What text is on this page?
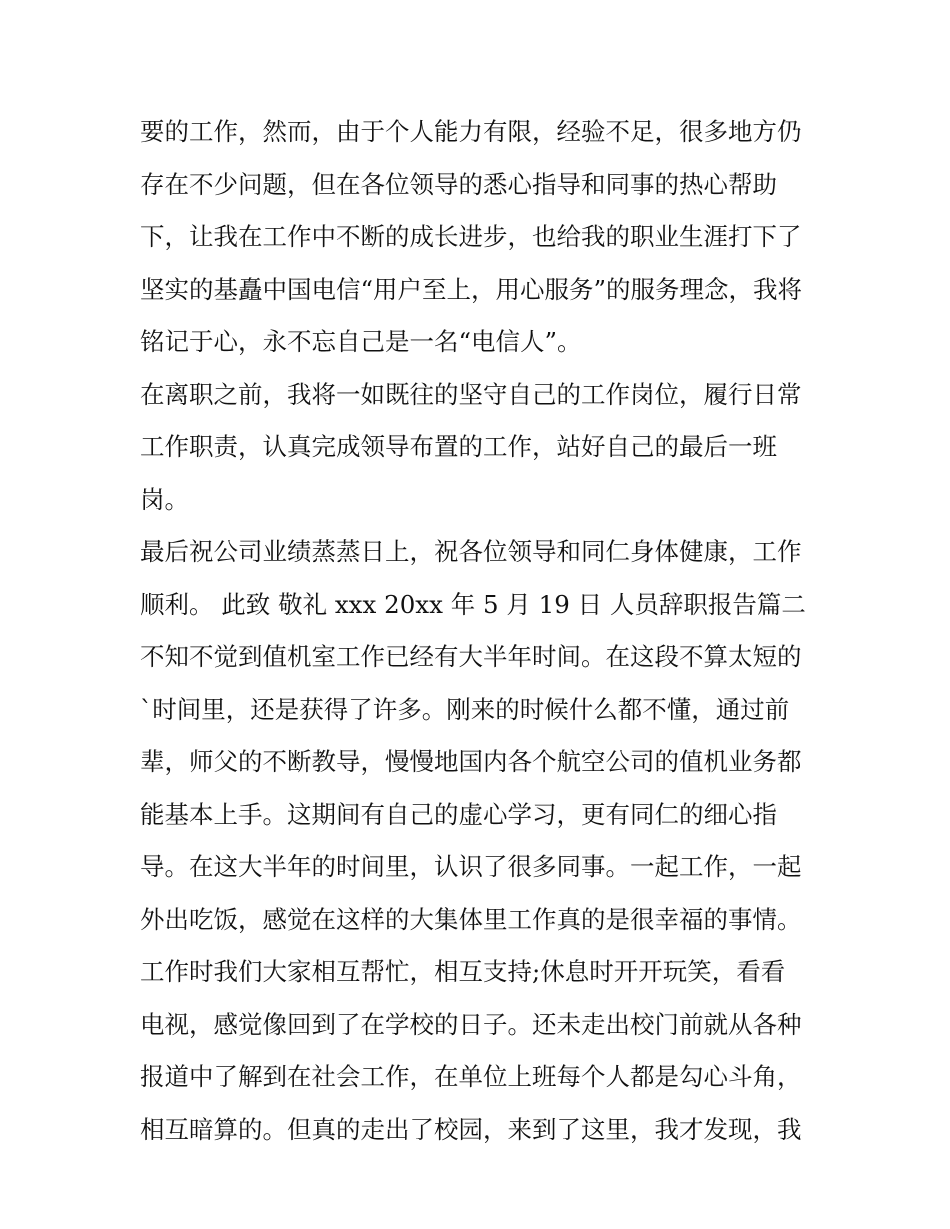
要的工作，然而，由于个人能力有限，经验不足，很多地方仍
存在不少问题，但在各位领导的悉心指导和同事的热心帮助
下，让我在工作中不断的成长进步，也给我的职业生涯打下了
坚实的基矗中国电信“用户至上，用心服务”的服务理念，我将
铭记于心，永不忘自己是一名“电信人”。
在离职之前，我将一如既往的坚守自己的工作岗位，履行日常
工作职责，认真完成领导布置的工作，站好自己的最后一班
岗。
最后祝公司业绩蒸蒸日上，祝各位领导和同仁身体健康，工作
顺利。 此致 敬礼 xxx 20xx 年 5 月 19 日 人员辞职报告篇二
不知不觉到值机室工作已经有大半年时间。在这段不算太短的
`时间里，还是获得了许多。刚来的时候什么都不懂，通过前
辈，师父的不断教导，慢慢地国内各个航空公司的值机业务都
能基本上手。这期间有自己的虚心学习，更有同仁的细心指
导。在这大半年的时间里，认识了很多同事。一起工作，一起
外出吃饭，感觉在这样的大集体里工作真的是很幸福的事情。
工作时我们大家相互帮忙，相互支持;休息时开开玩笑，看看
电视，感觉像回到了在学校的日子。还未走出校门前就从各种
报道中了解到在社会工作，在单位上班每个人都是勾心斗角，
相互暗算的。但真的走出了校园，来到了这里，我才发现，我
